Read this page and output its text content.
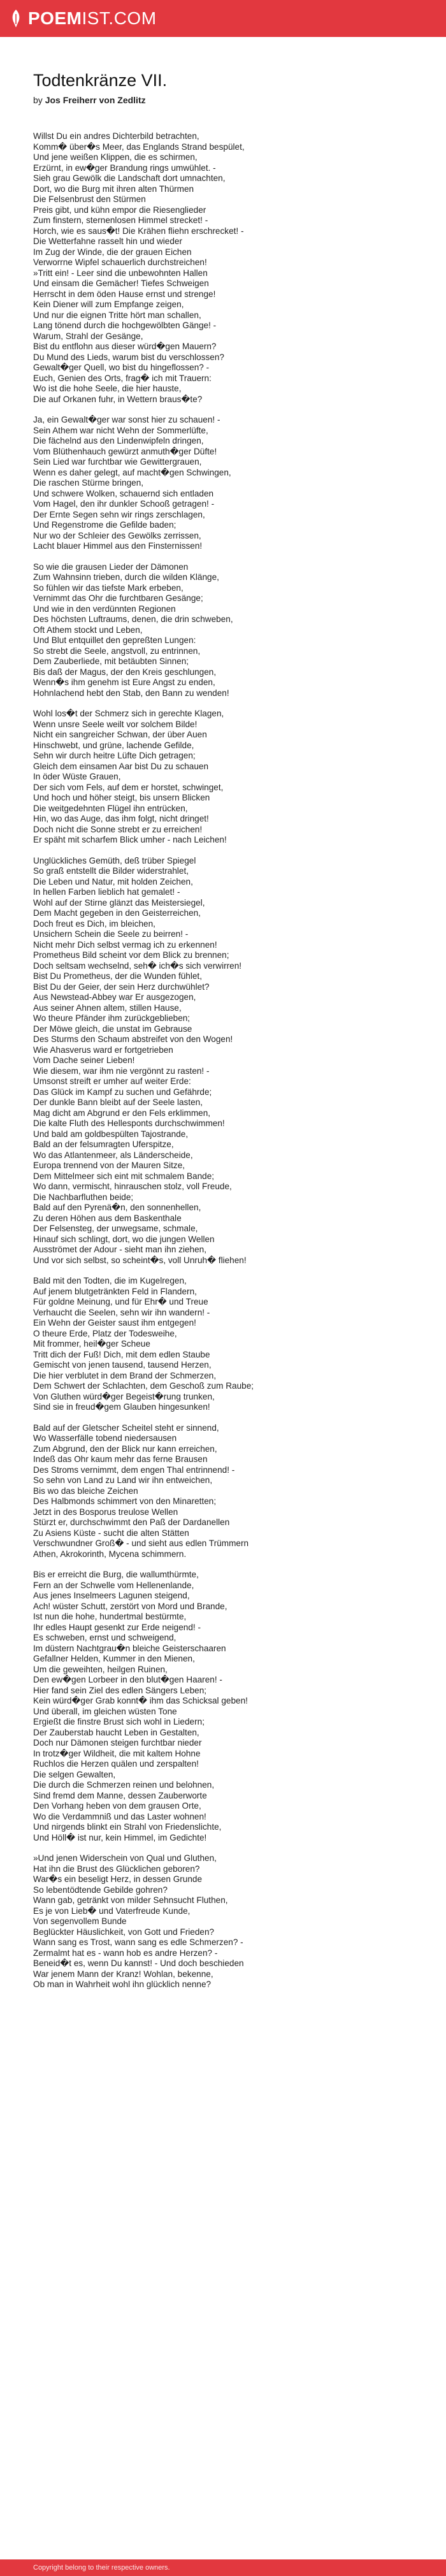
POEMIST.COM
Todtenkränze VII.
by Jos Freiherr von Zedlitz
Willst Du ein andres Dichterbild betrachten,
Komm� über�s Meer, das Englands Strand bespület,
Und jene weißen Klippen, die es schirmen,
Erzürnt, in ew�ger Brandung rings umwühlet. -
Sieh grau Gewölk die Landschaft dort umnachten,
Dort, wo die Burg mit ihren alten Thürmen
Die Felsenbrust den Stürmen
Preis gibt, und kühn empor die Riesenglieder
Zum finstern, sternenlosen Himmel strecket! -
Horch, wie es saus�t! Die Krähen fliehn erschrecket! -
Die Wetterfahne rasselt hin und wieder
Im Zug der Winde, die der grauen Eichen
Verworrne Wipfel schauerlich durchstreichen!
»Tritt ein! - Leer sind die unbewohnten Hallen
Und einsam die Gemächer! Tiefes Schweigen
Herrscht in dem öden Hause ernst und strenge!
Kein Diener will zum Empfange zeigen,
Und nur die eignen Tritte hört man schallen,
Lang tönend durch die hochgewölbten Gänge! -
Warum, Strahl der Gesänge,
Bist du entflohn aus dieser würd�gen Mauern?
Du Mund des Lieds, warum bist du verschlossen?
Gewalt�ger Quell, wo bist du hingeflossen? -
Euch, Genien des Orts, frag� ich mit Trauern:
Wo ist die hohe Seele, die hier hauste,
Die auf Orkanen fuhr, in Wettern braus�te?
Ja, ein Gewalt�ger war sonst hier zu schauen! -
Sein Athem war nicht Wehn der Sommerlüfte,
Die fächelnd aus den Lindenwipfeln dringen,
Vom Blüthenhauch gewürzt anmuth�ger Düfte!
Sein Lied war furchtbar wie Gewittergrauen,
Wenn es daher gelegt, auf macht�gen Schwingen,
Die raschen Stürme bringen,
Und schwere Wolken, schauernd sich entladen
Vom Hagel, den ihr dunkler Schooß getragen! -
Der Ernte Segen sehn wir rings zerschlagen,
Und Regenstrome die Gefilde baden;
Nur wo der Schleier des Gewölks zerrissen,
Lacht blauer Himmel aus den Finsternissen!
So wie die grausen Lieder der Dämonen
Zum Wahnsinn trieben, durch die wilden Klänge,
So fühlen wir das tiefste Mark erbeben,
Vernimmt das Ohr die furchtbaren Gesänge;
Und wie in den verdünnten Regionen
Des höchsten Luftraums, denen, die drin schweben,
Oft Athem stockt und Leben,
Und Blut entquillet den gepreßten Lungen:
So strebt die Seele, angstvoll, zu entrinnen,
Dem Zauberliede, mit betäubten Sinnen;
Bis daß der Magus, der den Kreis geschlungen,
Wenn�s ihm genehm ist Eure Angst zu enden,
Hohnlachend hebt den Stab, den Bann zu wenden!
Wohl los�t der Schmerz sich in gerechte Klagen,
Wenn unsre Seele weilt vor solchem Bilde!
Nicht ein sangreicher Schwan, der über Auen
Hinschwebt, und grüne, lachende Gefilde,
Sehn wir durch heitre Lüfte Dich getragen;
Gleich dem einsamen Aar bist Du zu schauen
In öder Wüste Grauen,
Der sich vom Fels, auf dem er horstet, schwinget,
Und hoch und höher steigt, bis unsern Blicken
Die weitgedehnten Flügel ihn entrücken,
Hin, wo das Auge, das ihm folgt, nicht dringet!
Doch nicht die Sonne strebt er zu erreichen!
Er späht mit scharfem Blick umher - nach Leichen!
Unglückliches Gemüth, deß trüber Spiegel
So graß entstellt die Bilder widerstrahlet,
Die Leben und Natur, mit holden Zeichen,
In hellen Farben lieblich hat gemalet! -
Wohl auf der Stirne glänzt das Meistersiegel,
Dem Macht gegeben in den Geisterreichen,
Doch freut es Dich, im bleichen,
Unsichern Schein die Seele zu beirren! -
Nicht mehr Dich selbst vermag ich zu erkennen!
Prometheus Bild scheint vor dem Blick zu brennen;
Doch seltsam wechselnd, seh� ich�s sich verwirren!
Bist Du Prometheus, der die Wunden fühlet,
Bist Du der Geier, der sein Herz durchwühlet?
Aus Newstead-Abbey war Er ausgezogen,
Aus seiner Ahnen altem, stillen Hause,
Wo theure Pfänder ihm zurückgeblieben;
Der Möwe gleich, die unstat im Gebrause
Des Sturms den Schaum abstreifet von den Wogen!
Wie Ahasverus ward er fortgetrieben
Vom Dache seiner Lieben!
Wie diesem, war ihm nie vergönnt zu rasten! -
Umsonst streift er umher auf weiter Erde:
Das Glück im Kampf zu suchen und Gefährde;
Der dunkle Bann bleibt auf der Seele lasten,
Mag dicht am Abgrund er den Fels erklimmen,
Die kalte Fluth des Hellesponts durchschwimmen!
Und bald am goldbespülten Tajostrande,
Bald an der felsumragten Uferspitze,
Wo das Atlantenmeer, als Länderscheide,
Europa trennend von der Mauren Sitze,
Dem Mittelmeer sich eint mit schmalem Bande;
Wo dann, vermischt, hinrauschen stolz, voll Freude,
Die Nachbarfluthen beide;
Bald auf den Pyrenä�n, den sonnenhellen,
Zu deren Höhen aus dem Baskenthale
Der Felsensteg, der unwegsame, schmale,
Hinauf sich schlingt, dort, wo die jungen Wellen
Ausströmet der Adour - sieht man ihn ziehen,
Und vor sich selbst, so scheint�s, voll Unruh� fliehen!
Bald mit den Todten, die im Kugelregen,
Auf jenem blutgetränkten Feld in Flandern,
Für goldne Meinung, und für Ehr� und Treue
Verhaucht die Seelen, sehn wir ihn wandern! -
Ein Wehn der Geister saust ihm entgegen!
O theure Erde, Platz der Todesweihe,
Mit frommer, heil�ger Scheue
Tritt dich der Fuß! Dich, mit dem edlen Staube
Gemischt von jenen tausend, tausend Herzen,
Die hier verblutet in dem Brand der Schmerzen,
Dem Schwert der Schlachten, dem Geschoß zum Raube;
Von Gluthen würd�ger Begeist�rung trunken,
Sind sie in freud�gem Glauben hingesunken!
Bald auf der Gletscher Scheitel steht er sinnend,
Wo Wasserfälle tobend niedersausen
Zum Abgrund, den der Blick nur kann erreichen,
Indeß das Ohr kaum mehr das ferne Brausen
Des Stroms vernimmt, dem engen Thal entrinnend! -
So sehn von Land zu Land wir ihn entweichen,
Bis wo das bleiche Zeichen
Des Halbmonds schimmert von den Minaretten;
Jetzt in des Bosporus treulose Wellen
Stürzt er, durchschwimmt den Paß der Dardanellen
Zu Asiens Küste - sucht die alten Stätten
Verschwundner Groß� - und sieht aus edlen Trümmern
Athen, Akrokorinth, Mycena schimmern.
Bis er erreicht die Burg, die wallumthürmte,
Fern an der Schwelle vom Hellenenlande,
Aus jenes Inselmeers Lagunen steigend,
Ach! wüster Schutt, zerstört von Mord und Brande,
Ist nun die hohe, hundertmal bestürmte,
Ihr edles Haupt gesenkt zur Erde neigend! -
Es schweben, ernst und schweigend,
Im düstern Nachtgrau�n bleiche Geisterschaaren
Gefallner Helden, Kummer in den Mienen,
Um die geweihten, heilgen Ruinen,
Den ew�gen Lorbeer in den blut�gen Haaren! -
Hier fand sein Ziel des edlen Sängers Leben;
Kein würd�ger Grab konnt� ihm das Schicksal geben!
Und überall, im gleichen wüsten Tone
Ergießt die finstre Brust sich wohl in Liedern;
Der Zauberstab haucht Leben in Gestalten,
Doch nur Dämonen steigen furchtbar nieder
In trotz�ger Wildheit, die mit kaltem Hohne
Ruchlos die Herzen quälen und zerspalten!
Die selgen Gewalten,
Die durch die Schmerzen reinen und belohnen,
Sind fremd dem Manne, dessen Zauberworte
Den Vorhang heben von dem grausen Orte,
Wo die Verdammniß und das Laster wohnen!
Und nirgends blinkt ein Strahl von Friedenslichte,
Und Höll� ist nur, kein Himmel, im Gedichte!
»Und jenen Widerschein von Qual und Gluthen,
Hat ihn die Brust des Glücklichen geboren?
War�s ein beseligt Herz, in dessen Grunde
So lebentödtende Gebilde gohren?
Wann gab, getränkt von milder Sehnsucht Fluthen,
Es je von Lieb� und Vaterfreude Kunde,
Von segenvollem Bunde
Beglückter Häuslichkeit, von Gott und Frieden?
Wann sang es Trost, wann sang es edle Schmerzen? -
Zermalmt hat es - wann hob es andre Herzen? -
Beneid�t es, wenn Du kannst! - Und doch beschieden
War jenem Mann der Kranz! Wohlan, bekenne,
Ob man in Wahrheit wohl ihn glücklich nenne?
Copyright belong to their respective owners.
